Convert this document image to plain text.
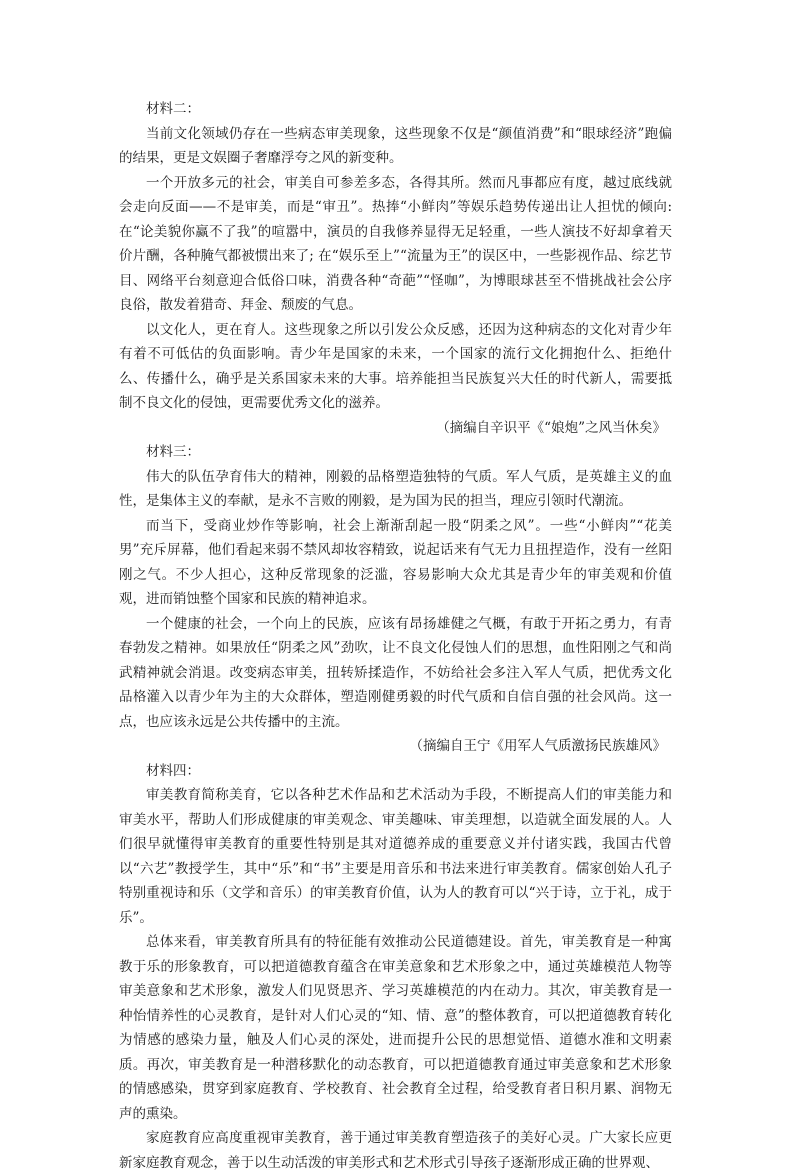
材料二：

当前文化领域仍存在一些病态审美现象，这些现象不仅是“颜值消费”和“眼球经济”跑偏的结果，更是文娱圈子奢靡浮夸之风的新变种。

一个开放多元的社会，审美自可参差多态，各得其所。然而凡事都应有度，越过底线就会走向反面——不是审美，而是“审丑”。热捧“小鲜肉”等娱乐趋势传递出让人担忧的倾向: 在“论美貌你赢不了我”的喧嚣中，演员的自我修养显得无足轻重，一些人演技不好却拿着天价片酬，各种腌气都被惯出来了; 在“娱乐至上”“流量为王”的误区中，一些影视作品、综艺节目、网络平台刻意迎合低俗口味，消费各种“奇葩”“怪咖”，为博眼球甚至不惜挑战社会公序良俗，散发着猎奇、拜金、颓废的气息。

以文化人，更在育人。这些现象之所以引发公众反感，还因为这种病态的文化对青少年有着不可低估的负面影响。青少年是国家的未来，一个国家的流行文化拥抱什么、拒绝什么、传播什么，确乎是关系国家未来的大事。培养能担当民族复兴大任的时代新人，需要抵制不良文化的侵蚀，更需要优秀文化的滋养。

（摘编自辛识平《“娘炮”之风当休矣》

材料三：

伟大的队伍孕育伟大的精神，刚毅的品格塑造独特的气质。军人气质，是英雄主义的血性，是集体主义的奉献，是永不言败的刚毅，是为国为民的担当，理应引领时代潮流。

而当下，受商业炒作等影响，社会上渐渐刮起一股“阴柔之风”。一些“小鲜肉”“花美男”充斥屏幕，他们看起来弱不禁风却妆容精致，说起话来有气无力且扭捏造作，没有一丝阳刚之气。不少人担心，这种反常现象的泛滥，容易影响大众尤其是青少年的审美观和价值观，进而销蚀整个国家和民族的精神追求。

一个健康的社会，一个向上的民族，应该有昂扬雄健之气概，有敢于开拓之勇力，有青春勃发之精神。如果放任“阴柔之风”劲吹，让不良文化侵蚀人们的思想，血性阳刚之气和尚武精神就会消退。改变病态审美，扭转矫揉造作，不妨给社会多注入军人气质，把优秀文化品格灌入以青少年为主的大众群体，塑造刚健勇毅的时代气质和自信自强的社会风尚。这一点，也应该永远是公共传播中的主流。

（摘编自王宁《用军人气质激扬民族雄风》

材料四：

审美教育简称美育，它以各种艺术作品和艺术活动为手段，不断提高人们的审美能力和审美水平，帮助人们形成健康的审美观念、审美趣味、审美理想，以造就全面发展的人。人们很早就懂得审美教育的重要性特别是其对道德养成的重要意义并付诸实践，我国古代曾以“六艺”教授学生，其中“乐”和“书”主要是用音乐和书法来进行审美教育。儒家创始人孔子特别重视诗和乐（文学和音乐）的审美教育价值，认为人的教育可以“兴于诗，立于礼，成于乐”。

总体来看，审美教育所具有的特征能有效推动公民道德建设。首先，审美教育是一种寓教于乐的形象教育，可以把道德教育蕴含在审美意象和艺术形象之中，通过英雄模范人物等审美意象和艺术形象，激发人们见贤思齐、学习英雄模范的内在动力。其次，审美教育是一种怡情养性的心灵教育，是针对人们心灵的“知、情、意”的整体教育，可以把道德教育转化为情感的感染力量，触及人们心灵的深处，进而提升公民的思想觉悟、道德水准和文明素质。再次，审美教育是一种潜移默化的动态教育，可以把道德教育通过审美意象和艺术形象的情感感染，贯穿到家庭教育、学校教育、社会教育全过程，给受教育者日积月累、润物无声的熏染。

家庭教育应高度重视审美教育，善于通过审美教育塑造孩子的美好心灵。广大家长应更新家庭教育观念，善于以生动活泼的审美形式和艺术形式引导孩子逐渐形成正确的世界观、
